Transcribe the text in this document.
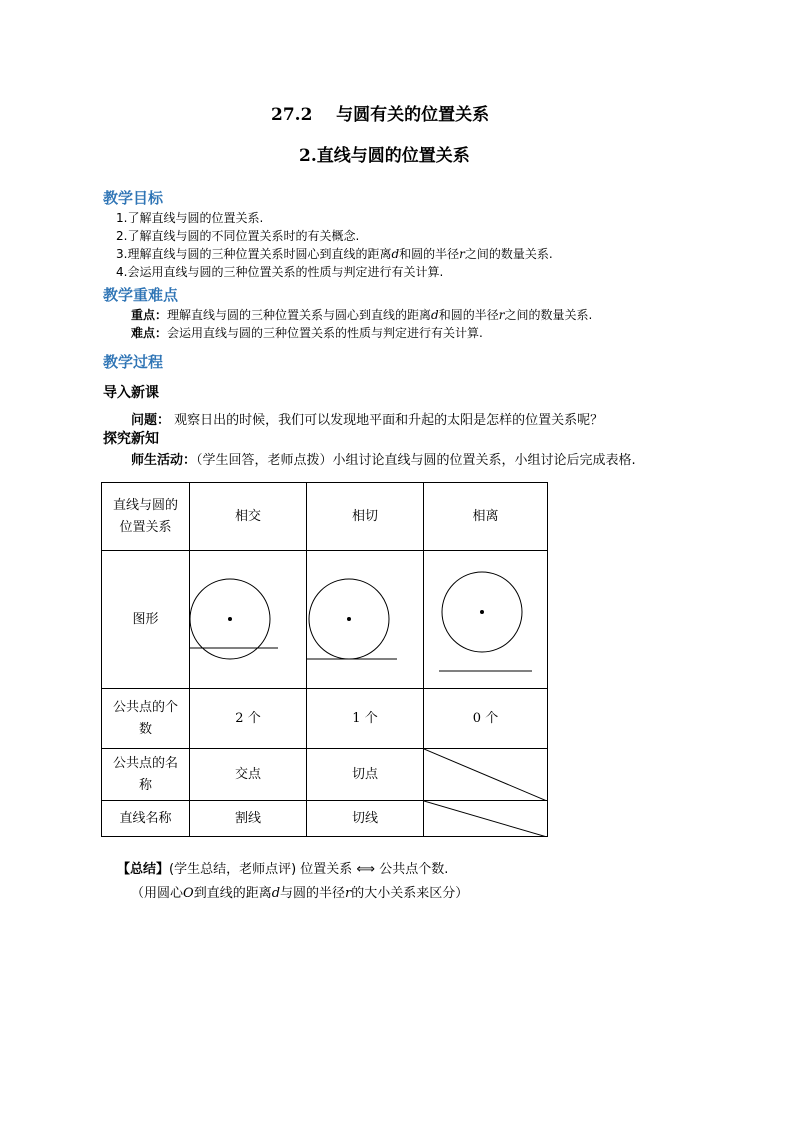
27.2 与圆有关的位置关系
2.直线与圆的位置关系
教学目标
1.了解直线与圆的位置关系.
2.了解直线与圆的不同位置关系时的有关概念.
3.理解直线与圆的三种位置关系时圆心到直线的距离d和圆的半径r之间的数量关系.
4.会运用直线与圆的三种位置关系的性质与判定进行有关计算.
教学重难点
重点：理解直线与圆的三种位置关系与圆心到直线的距离d和圆的半径r之间的数量关系.
难点：会运用直线与圆的三种位置关系的性质与判定进行有关计算.
教学过程
导入新课
问题： 观察日出的时候，我们可以发现地平面和升起的太阳是怎样的位置关系呢？
探究新知
师生活动：（学生回答，老师点拨）小组讨论直线与圆的位置关系，小组讨论后完成表格.
直线与圆的
位置关系	相交	相切	相离
图形	

公共点的个
数	2 个	1 个	0 个

公共点的名
称	交点	切点	

直线名称	割线	切线	
【总结】(学生总结，老师点评) 位置关系 ⟺ 公共点个数.
（用圆心O到直线的距离d与圆的半径r的大小关系来区分）
